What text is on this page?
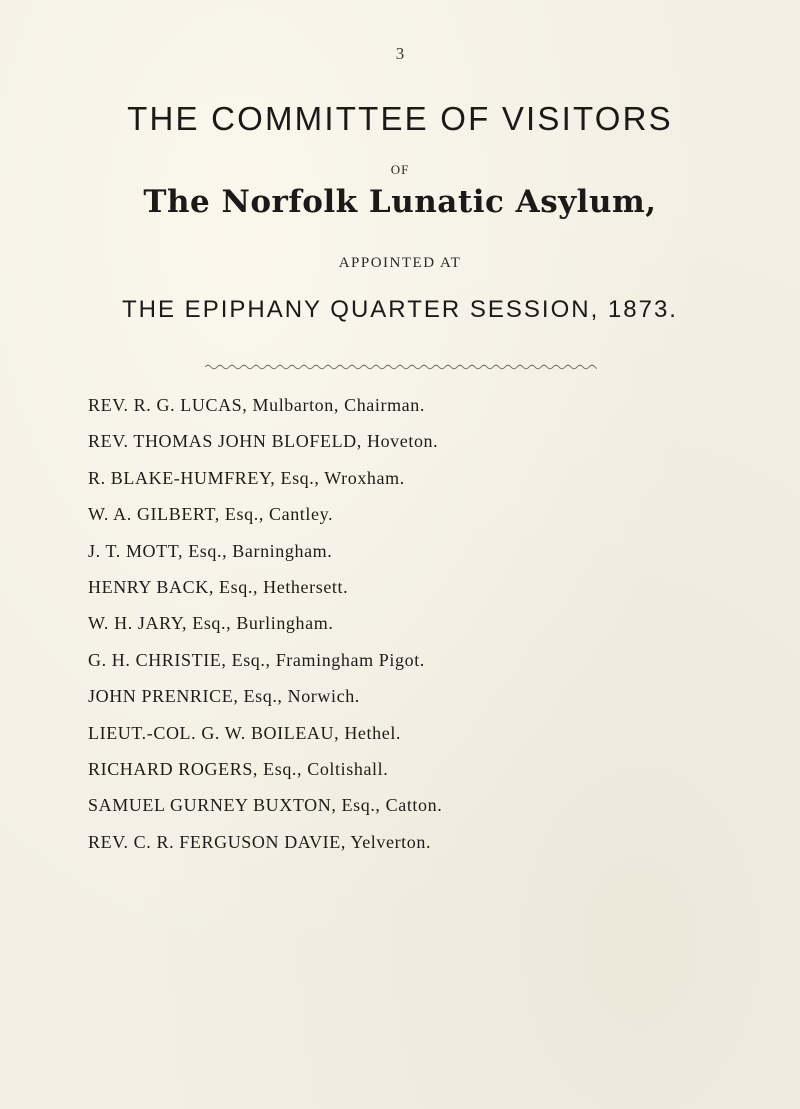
3
THE COMMITTEE OF VISITORS
OF
The Norfolk Lunatic Asylum,
APPOINTED AT
THE EPIPHANY QUARTER SESSION, 1873.
REV. R. G. LUCAS, Mulbarton, Chairman.
REV. THOMAS JOHN BLOFELD, Hoveton.
R. BLAKE-HUMFREY, Esq., Wroxham.
W. A. GILBERT, Esq., Cantley.
J. T. MOTT, Esq., Barningham.
HENRY BACK, Esq., Hethersett.
W. H. JARY, Esq., Burlingham.
G. H. CHRISTIE, Esq., Framingham Pigot.
JOHN PRENRICE, Esq., Norwich.
LIEUT.-COL. G. W. BOILEAU, Hethel.
RICHARD ROGERS, Esq., Coltishall.
SAMUEL GURNEY BUXTON, Esq., Catton.
REV. C. R. FERGUSON DAVIE, Yelverton.
